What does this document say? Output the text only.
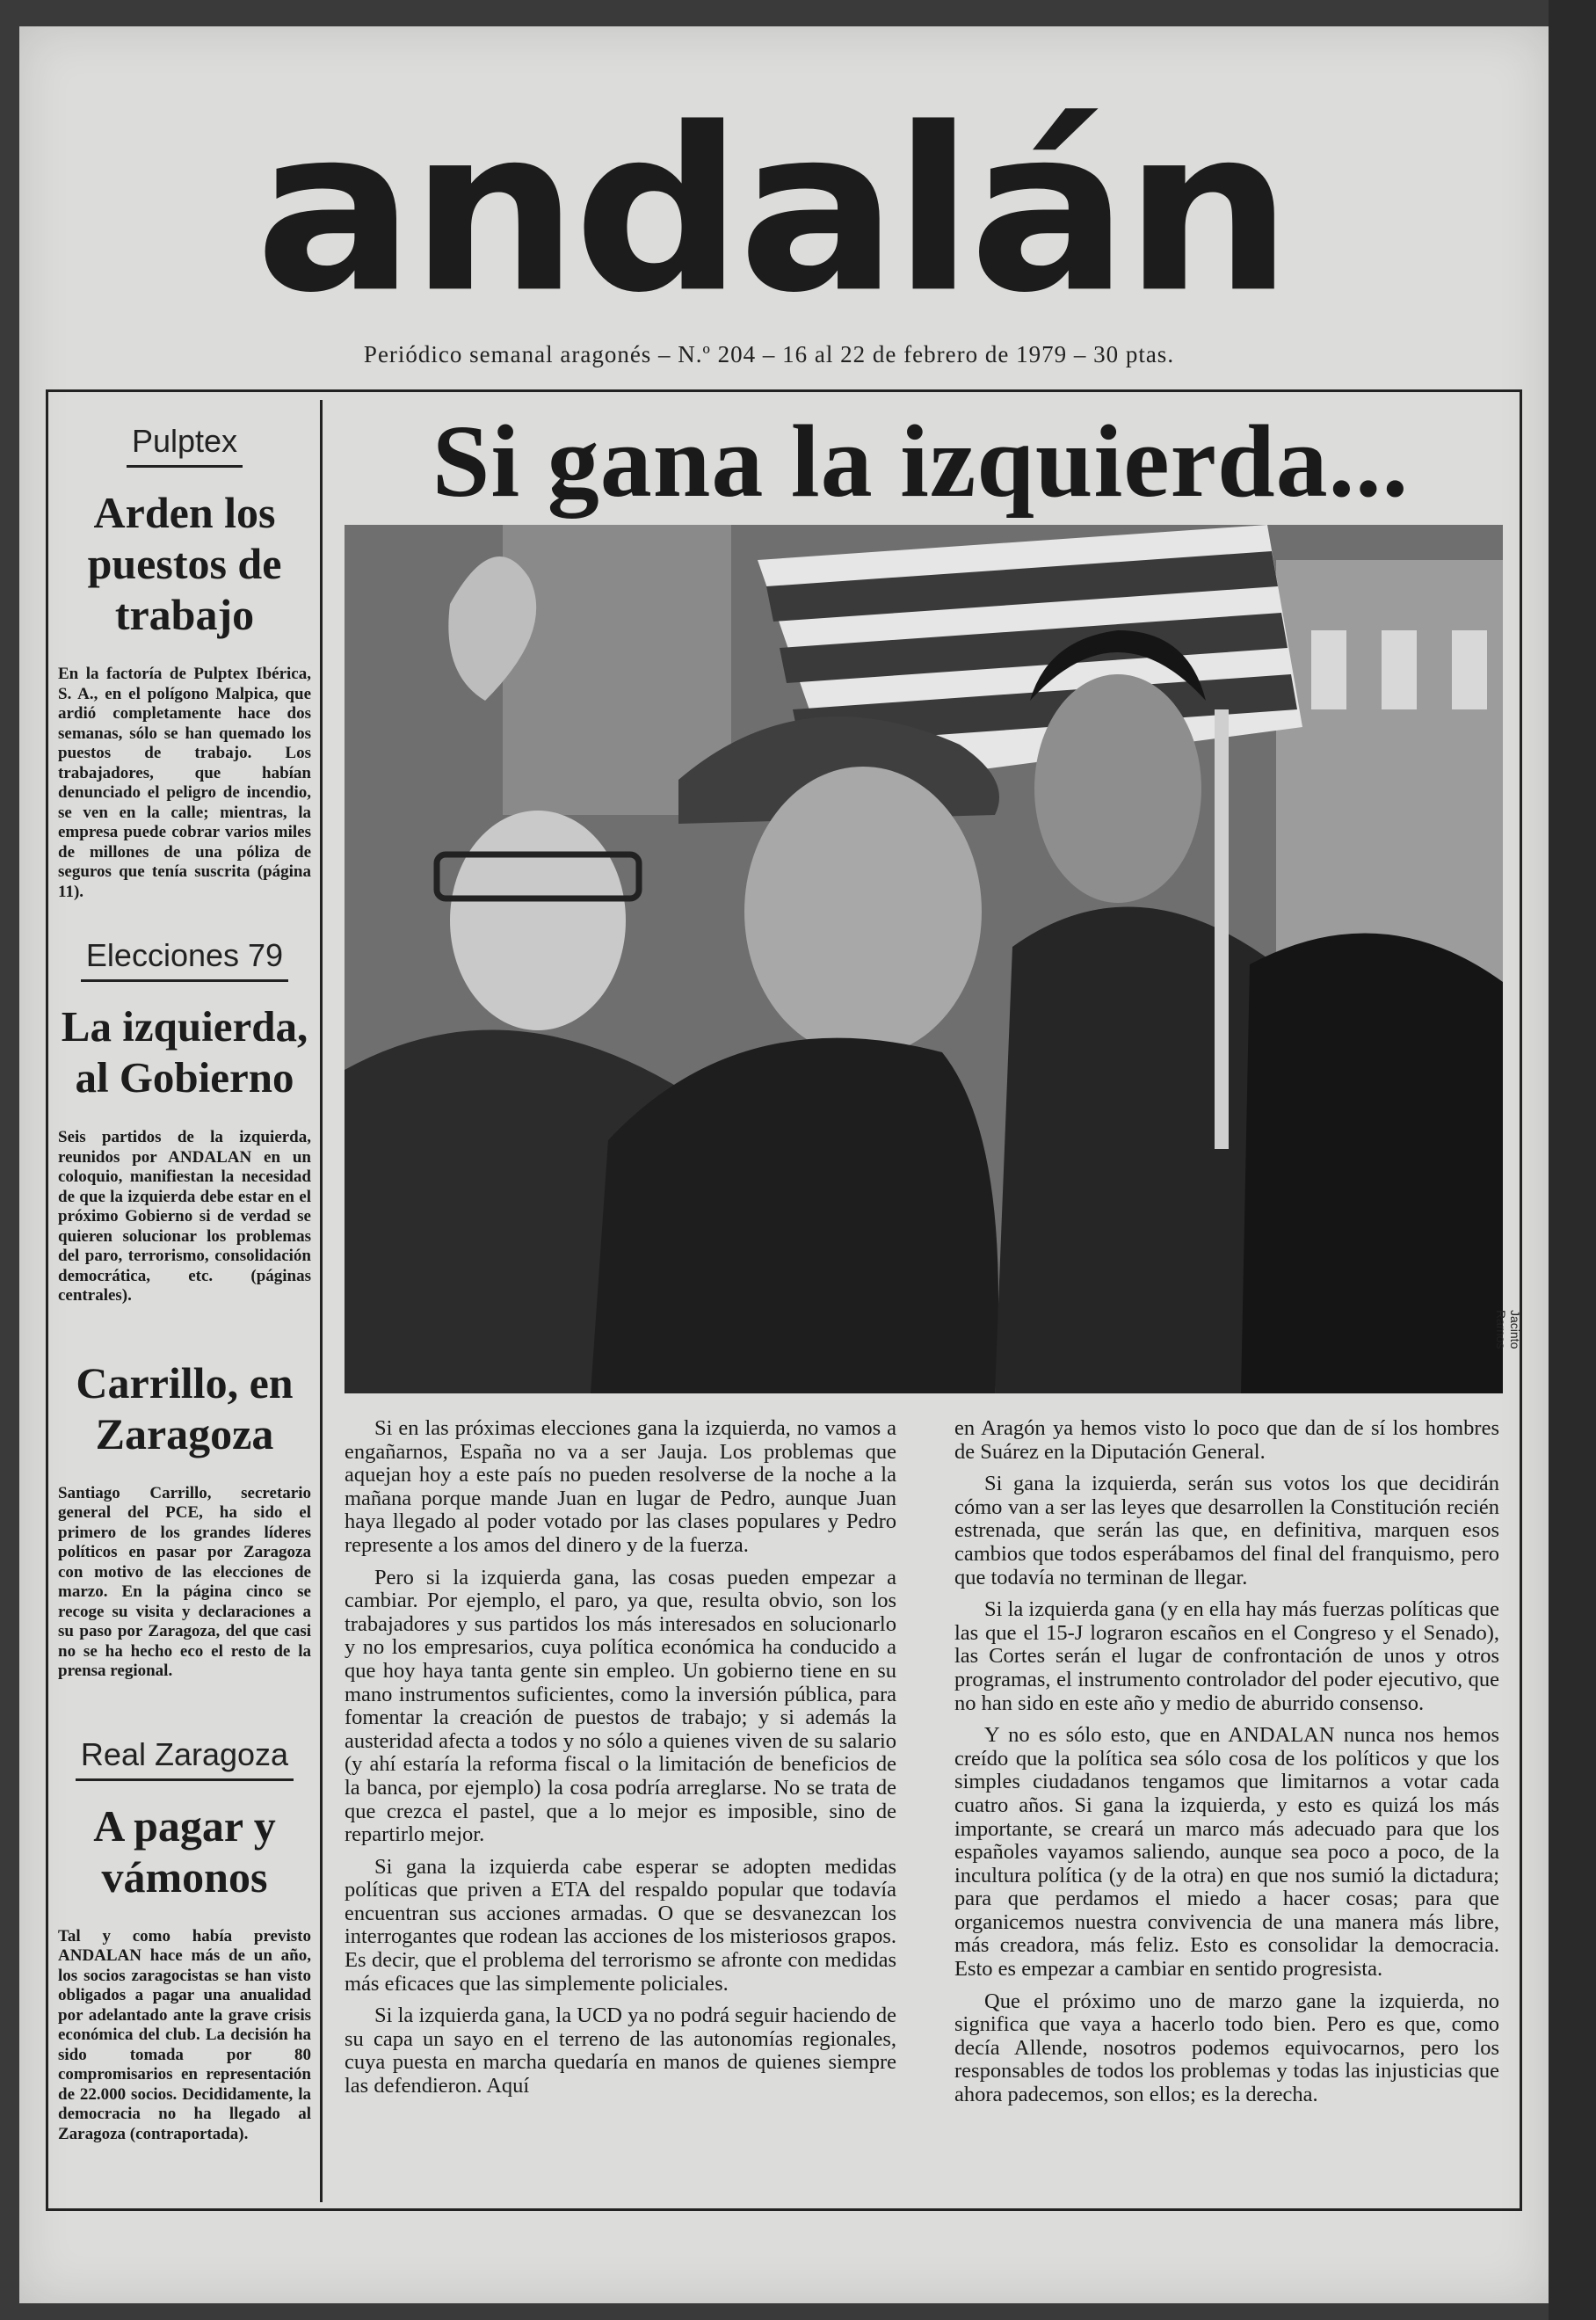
andalán
Periódico semanal aragonés – N.º 204 – 16 al 22 de febrero de 1979 – 30 ptas.
Pulptex
Arden los puestos de trabajo
En la factoría de Pulptex Ibérica, S. A., en el polígono Malpica, que ardió completamente hace dos semanas, sólo se han quemado los puestos de trabajo. Los trabajadores, que habían denunciado el peligro de incendio, se ven en la calle; mientras, la empresa puede cobrar varios miles de millones de una póliza de seguros que tenía suscrita (página 11).
Elecciones 79
La izquierda, al Gobierno
Seis partidos de la izquierda, reunidos por ANDALAN en un coloquio, manifiestan la necesidad de que la izquierda debe estar en el próximo Gobierno si de verdad se quieren solucionar los problemas del paro, terrorismo, consolidación democrática, etc. (páginas centrales).
Carrillo, en Zaragoza
Santiago Carrillo, secretario general del PCE, ha sido el primero de los grandes líderes políticos en pasar por Zaragoza con motivo de las elecciones de marzo. En la página cinco se recoge su visita y declaraciones a su paso por Zaragoza, del que casi no se ha hecho eco el resto de la prensa regional.
Real Zaragoza
A pagar y vámonos
Tal y como había previsto ANDALAN hace más de un año, los socios zaragocistas se han visto obligados a pagar una anualidad por adelantado ante la grave crisis económica del club. La decisión ha sido tomada por 80 compromisarios en representación de 22.000 socios. Decididamente, la democracia no ha llegado al Zaragoza (contraportada).
Si gana la izquierda...
Jacinto Ramos

Si en las próximas elecciones gana la izquierda, no vamos a engañarnos, España no va a ser Jauja. Los problemas que aquejan hoy a este país no pueden resolverse de la noche a la mañana porque mande Juan en lugar de Pedro, aunque Juan haya llegado al poder votado por las clases populares y Pedro represente a los amos del dinero y de la fuerza.

Pero si la izquierda gana, las cosas pueden empezar a cambiar. Por ejemplo, el paro, ya que, resulta obvio, son los trabajadores y sus partidos los más interesados en solucionarlo y no los empresarios, cuya política económica ha conducido a que hoy haya tanta gente sin empleo. Un gobierno tiene en su mano instrumentos suficientes, como la inversión pública, para fomentar la creación de puestos de trabajo; y si además la austeridad afecta a todos y no sólo a quienes viven de su salario (y ahí estaría la reforma fiscal o la limitación de beneficios de la banca, por ejemplo) la cosa podría arreglarse. No se trata de que crezca el pastel, que a lo mejor es imposible, sino de repartirlo mejor.

Si gana la izquierda cabe esperar se adopten medidas políticas que priven a ETA del respaldo popular que todavía encuentran sus acciones armadas. O que se desvanezcan los interrogantes que rodean las acciones de los misteriosos grapos. Es decir, que el problema del terrorismo se afronte con medidas más eficaces que las simplemente policiales.

Si la izquierda gana, la UCD ya no podrá seguir haciendo de su capa un sayo en el terreno de las autonomías regionales, cuya puesta en marcha quedaría en manos de quienes siempre las defendieron. Aquí

en Aragón ya hemos visto lo poco que dan de sí los hombres de Suárez en la Diputación General.

Si gana la izquierda, serán sus votos los que decidirán cómo van a ser las leyes que desarrollen la Constitución recién estrenada, que serán las que, en definitiva, marquen esos cambios que todos esperábamos del final del franquismo, pero que todavía no terminan de llegar.

Si la izquierda gana (y en ella hay más fuerzas políticas que las que el 15-J lograron escaños en el Congreso y el Senado), las Cortes serán el lugar de confrontación de unos y otros programas, el instrumento controlador del poder ejecutivo, que no han sido en este año y medio de aburrido consenso.

Y no es sólo esto, que en ANDALAN nunca nos hemos creído que la política sea sólo cosa de los políticos y que los simples ciudadanos tengamos que limitarnos a votar cada cuatro años. Si gana la izquierda, y esto es quizá los más importante, se creará un marco más adecuado para que los españoles vayamos saliendo, aunque sea poco a poco, de la incultura política (y de la otra) en que nos sumió la dictadura; para que perdamos el miedo a hacer cosas; para que organicemos nuestra convivencia de una manera más libre, más creadora, más feliz. Esto es consolidar la democracia. Esto es empezar a cambiar en sentido progresista.

Que el próximo uno de marzo gane la izquierda, no significa que vaya a hacerlo todo bien. Pero es que, como decía Allende, nosotros podemos equivocarnos, pero los responsables de todos los problemas y todas las injusticias que ahora padecemos, son ellos; es la derecha.
